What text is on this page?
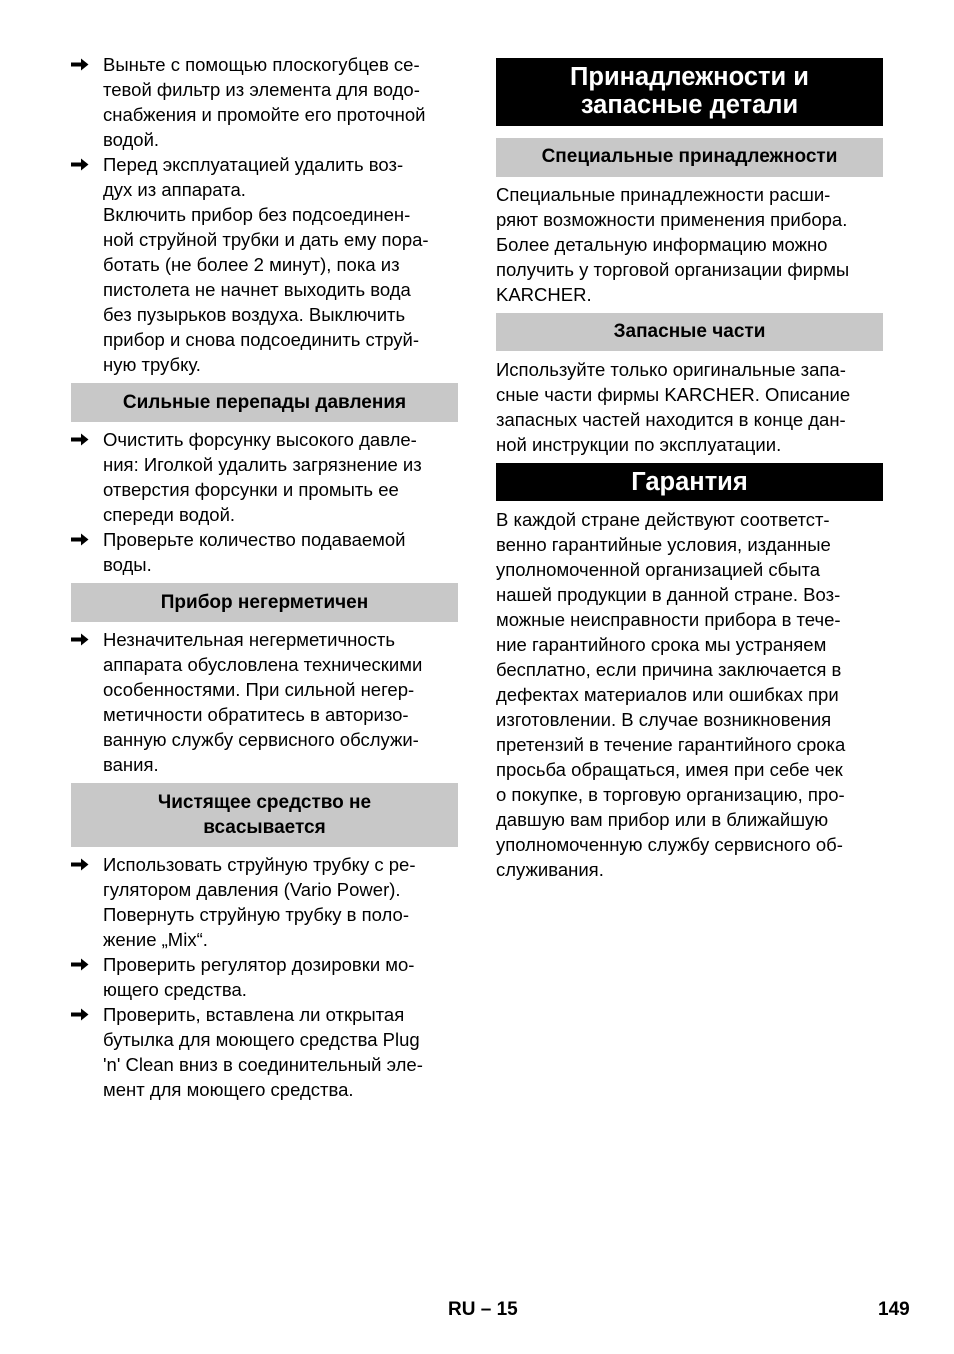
Выньте с помощью плоскогубцев се-
тевой фильтр из элемента для водо-
снабжения и промойте его проточной
водой.
Перед эксплуатацией удалить воз-
дух из аппарата.
Включить прибор без подсоединен-
ной струйной трубки и дать ему пора-
ботать (не более 2 минут), пока из
пистолета не начнет выходить вода
без пузырьков воздуха. Выключить
прибор и снова подсоединить струй-
ную трубку.
Сильные перепады давления
Очистить форсунку высокого давле-
ния: Иголкой удалить загрязнение из
отверстия форсунки и промыть ее
спереди водой.
Проверьте количество подаваемой
воды.
Прибор негерметичен
Незначительная негерметичность
аппарата обусловлена техническими
особенностями. При сильной негер-
метичности обратитесь в авторизо-
ванную службу сервисного обслужи-
вания.
Чистящее средство не
всасывается
Использовать струйную трубку с ре-
гулятором давления (Vario Power).
Повернуть струйную трубку в поло-
жение „Mix“.
Проверить регулятор дозировки мо-
ющего средства.
Проверить, вставлена ли открытая
бутылка для моющего средства Plug
'n' Clean вниз в соединительный эле-
мент для моющего средства.
Принадлежности и
запасные детали
Специальные принадлежности
Специальные принадлежности расши-
ряют возможности применения прибора.
Более детальную информацию можно
получить у торговой организации фирмы
KARCHER.
Запасные части
Используйте только оригинальные запа-
сные части фирмы KARCHER. Описание
запасных частей находится в конце дан-
ной инструкции по эксплуатации.
Гарантия
В каждой стране действуют соответст-
венно гарантийные условия, изданные
уполномоченной организацией сбыта
нашей продукции в данной стране. Воз-
можные неисправности прибора в тече-
ние гарантийного срока мы устраняем
бесплатно, если причина заключается в
дефектах материалов или ошибках при
изготовлении. В случае возникновения
претензий в течение гарантийного срока
просьба обращаться, имея при себе чек
о покупке, в торговую организацию, про-
давшую вам прибор или в ближайшую
уполномоченную службу сервисного об-
служивания.
RU – 15	149
